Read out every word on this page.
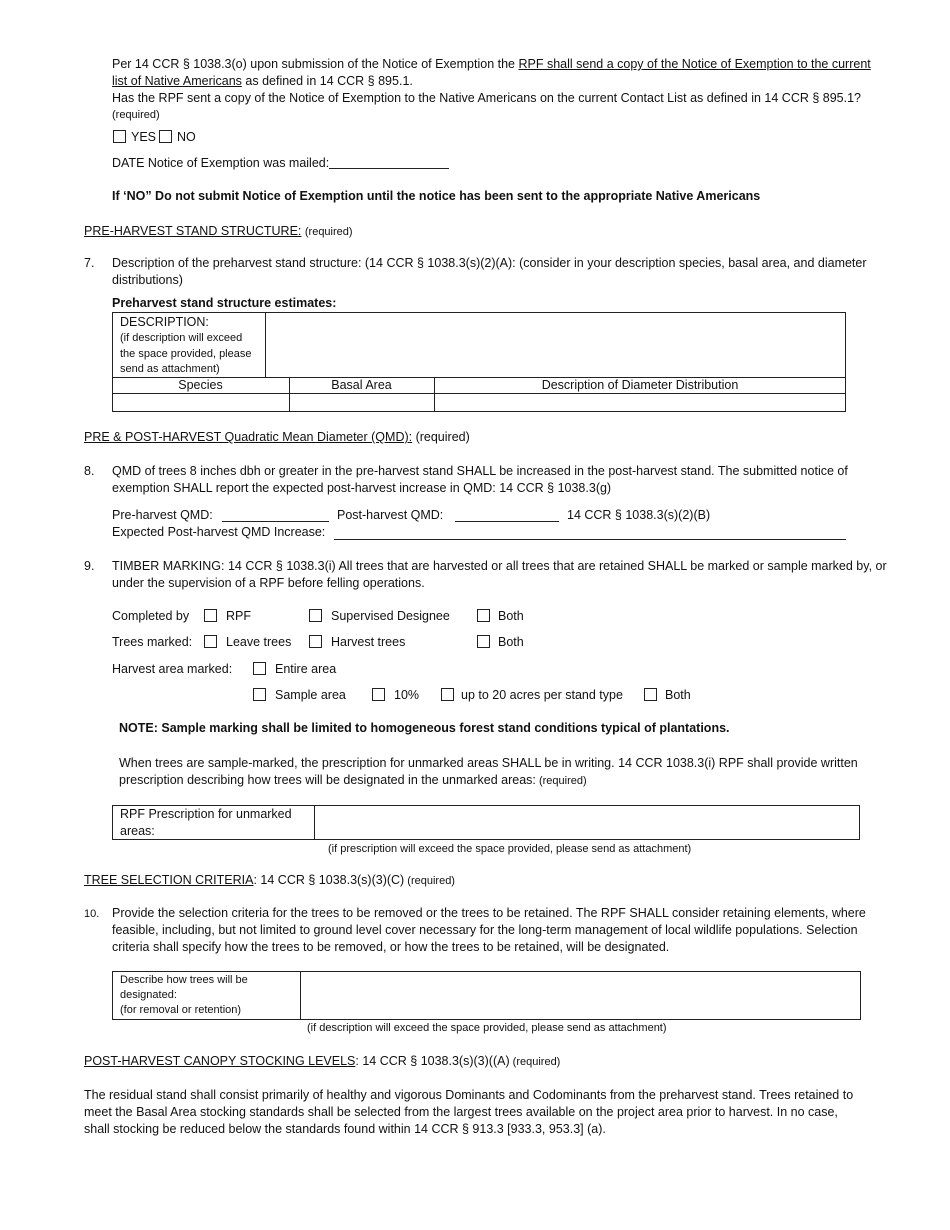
Per 14 CCR § 1038.3(o) upon submission of the Notice of Exemption the RPF shall send a copy of the Notice of Exemption to the current
list of Native Americans as defined in 14 CCR § 895.1.
Has the RPF sent a copy of the Notice of Exemption to the Native Americans on the current Contact List as defined in 14 CCR § 895.1?
(required)
YES NO
DATE Notice of Exemption was mailed:
If ‘NO” Do not submit Notice of Exemption until the notice has been sent to the appropriate Native Americans
PRE-HARVEST STAND STRUCTURE: (required)
7. Description of the preharvest stand structure: (14 CCR § 1038.3(s)(2)(A): (consider in your description species, basal area, and diameter
distributions)
Preharvest stand structure estimates:
DESCRIPTION:
(if description will exceed
the space provided, please
send as attachment)
Species	Basal Area	Description of Diameter Distribution
PRE & POST-HARVEST Quadratic Mean Diameter (QMD): (required)
8. QMD of trees 8 inches dbh or greater in the pre-harvest stand SHALL be increased in the post-harvest stand. The submitted notice of
exemption SHALL report the expected post-harvest increase in QMD: 14 CCR § 1038.3(g)
Pre-harvest QMD:	Post-harvest QMD:	14 CCR § 1038.3(s)(2)(B)
Expected Post-harvest QMD Increase:
9. TIMBER MARKING: 14 CCR § 1038.3(i) All trees that are harvested or all trees that are retained SHALL be marked or sample marked by, or
under the supervision of a RPF before felling operations.
Completed by	RPF	Supervised Designee	Both
Trees marked:	Leave trees	Harvest trees	Both
Harvest area marked:	Entire area
Sample area	10%	up to 20 acres per stand type	Both
NOTE: Sample marking shall be limited to homogeneous forest stand conditions typical of plantations.
When trees are sample-marked, the prescription for unmarked areas SHALL be in writing. 14 CCR 1038.3(i) RPF shall provide written
prescription describing how trees will be designated in the unmarked areas: (required)
RPF Prescription for unmarked
areas:
(if prescription will exceed the space provided, please send as attachment)
TREE SELECTION CRITERIA: 14 CCR § 1038.3(s)(3)(C) (required)
10. Provide the selection criteria for the trees to be removed or the trees to be retained. The RPF SHALL consider retaining elements, where
feasible, including, but not limited to ground level cover necessary for the long-term management of local wildlife populations. Selection
criteria shall specify how the trees to be removed, or how the trees to be retained, will be designated.
Describe how trees will be
designated:
(for removal or retention)
(if description will exceed the space provided, please send as attachment)
POST-HARVEST CANOPY STOCKING LEVELS: 14 CCR § 1038.3(s)(3)((A) (required)
The residual stand shall consist primarily of healthy and vigorous Dominants and Codominants from the preharvest stand. Trees retained to
meet the Basal Area stocking standards shall be selected from the largest trees available on the project area prior to harvest. In no case,
shall stocking be reduced below the standards found within 14 CCR § 913.3 [933.3, 953.3] (a).
